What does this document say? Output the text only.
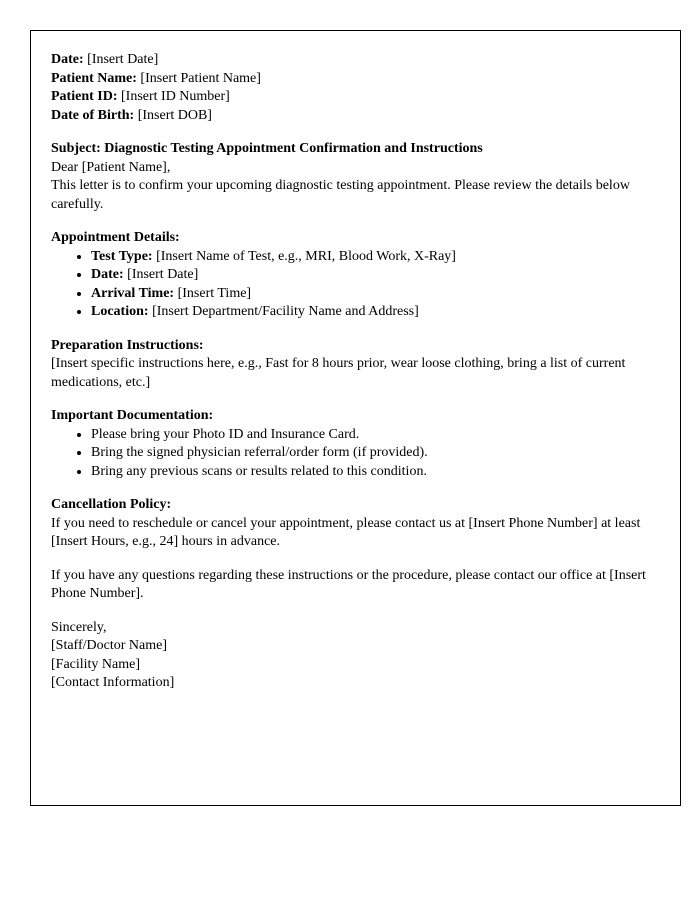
Date: [Insert Date]

Patient Name: [Insert Patient Name]

Patient ID: [Insert ID Number]

Date of Birth: [Insert DOB]

Subject: Diagnostic Testing Appointment Confirmation and Instructions

Dear [Patient Name],

This letter is to confirm your upcoming diagnostic testing appointment. Please review the details below carefully.

Appointment Details:

• Test Type: [Insert Name of Test, e.g., MRI, Blood Work, X-Ray]
• Date: [Insert Date]
• Arrival Time: [Insert Time]
• Location: [Insert Department/Facility Name and Address]

Preparation Instructions:

[Insert specific instructions here, e.g., Fast for 8 hours prior, wear loose clothing, bring a list of current medications, etc.]

Important Documentation:

• Please bring your Photo ID and Insurance Card.
• Bring the signed physician referral/order form (if provided).
• Bring any previous scans or results related to this condition.

Cancellation Policy:

If you need to reschedule or cancel your appointment, please contact us at [Insert Phone Number] at least [Insert Hours, e.g., 24] hours in advance.

If you have any questions regarding these instructions or the procedure, please contact our office at [Insert Phone Number].

Sincerely,

[Staff/Doctor Name]

[Facility Name]

[Contact Information]
